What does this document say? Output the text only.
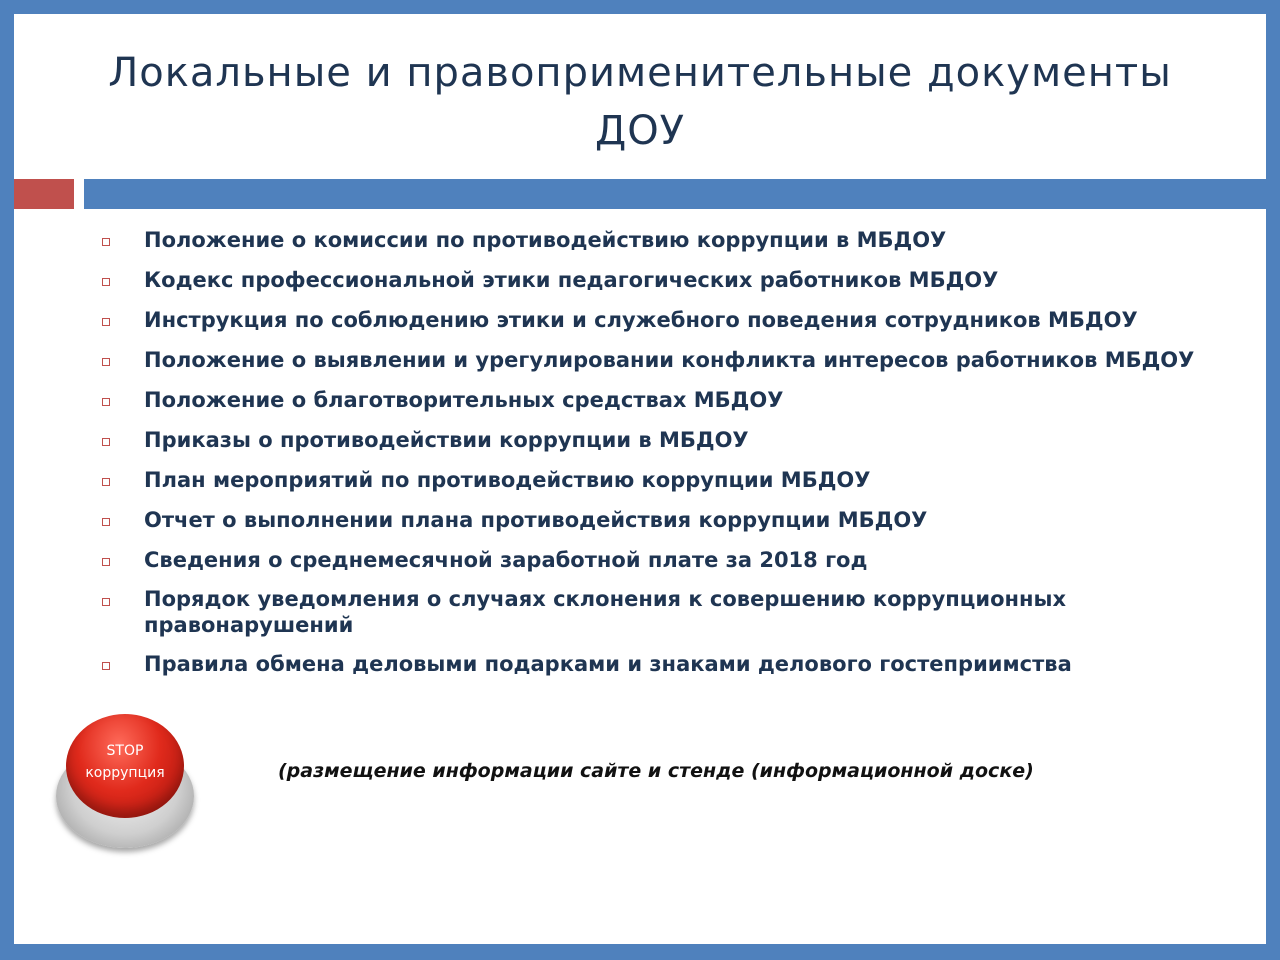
Локальные и правоприменительные документы
ДОУ
Положение о комиссии по противодействию коррупции в МБДОУ
Кодекс профессиональной этики педагогических работников МБДОУ
Инструкция по соблюдению этики и служебного поведения сотрудников МБДОУ
Положение о выявлении и урегулировании конфликта интересов работников МБДОУ
Положение о благотворительных средствах МБДОУ
Приказы о противодействии коррупции в МБДОУ
План мероприятий по противодействию коррупции МБДОУ
Отчет о выполнении плана противодействия коррупции МБДОУ
Сведения о среднемесячной заработной плате за 2018 год
Порядок уведомления о случаях склонения к совершению коррупционных правонарушений
Правила обмена деловыми подарками и знаками делового гостеприимства
STOP
коррупция	(размещение информации сайте и стенде (информационной доске)
